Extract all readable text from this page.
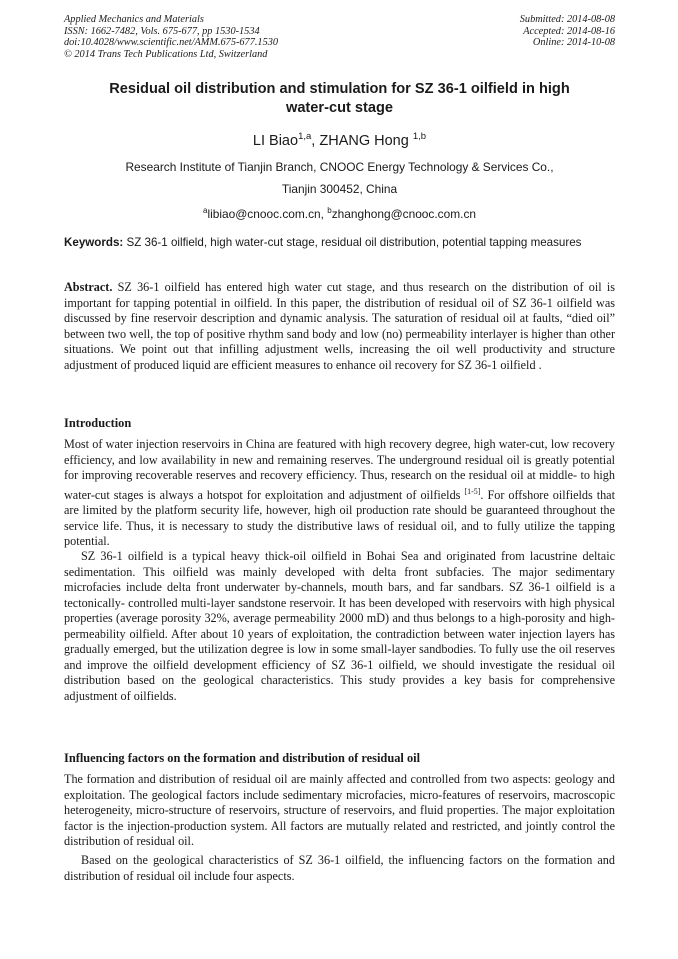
Applied Mechanics and Materials
ISSN: 1662-7482, Vols. 675-677, pp 1530-1534
doi:10.4028/www.scientific.net/AMM.675-677.1530
© 2014 Trans Tech Publications Ltd, Switzerland
Submitted: 2014-08-08
Accepted: 2014-08-16
Online: 2014-10-08
Residual oil distribution and stimulation for SZ 36-1 oilfield in high
water-cut stage
LI Biao$^{1,a}$, ZHANG Hong $^{1,b}$
Research Institute of Tianjin Branch, CNOOC Energy Technology & Services Co.,
Tianjin 300452, China
$^a$libiao@cnooc.com.cn, $^b$zhanghong@cnooc.com.cn
Keywords: SZ 36-1 oilfield, high water-cut stage, residual oil distribution, potential tapping measures
Abstract. SZ 36-1 oilfield has entered high water cut stage, and thus research on the distribution of oil is important for tapping potential in oilfield. In this paper, the distribution of residual oil of SZ 36-1 oilfield was discussed by fine reservoir description and dynamic analysis. The saturation of residual oil at faults, “died oil” between two well, the top of positive rhythm sand body and low (no) permeability interlayer is higher than other situations. We point out that infilling adjustment wells, increasing the oil well productivity and structure adjustment of produced liquid are efficient measures to enhance oil recovery for SZ 36-1 oilfield .
Introduction
Most of water injection reservoirs in China are featured with high recovery degree, high water-cut, low recovery efficiency, and low availability in new and remaining reserves. The underground residual oil is greatly potential for improving recoverable reserves and recovery efficiency. Thus, research on the residual oil at middle- to high water-cut stages is always a hotspot for exploitation and adjustment of oilfields [1-5]. For offshore oilfields that are limited by the platform security life, however, high oil production rate should be guaranteed throughout the service life. Thus, it is necessary to study the distributive laws of residual oil, and to fully utilize the tapping potential.
SZ 36-1 oilfield is a typical heavy thick-oil oilfield in Bohai Sea and originated from lacustrine deltaic sedimentation. This oilfield was mainly developed with delta front subfacies. The major sedimentary microfacies include delta front underwater by-channels, mouth bars, and far sandbars. SZ 36-1 oilfield is a tectonically- controlled multi-layer sandstone reservoir. It has been developed with reservoirs with high physical properties (average porosity 32%, average permeability 2000 mD) and thus belongs to a high-porosity and high-permeability oilfield. After about 10 years of exploitation, the contradiction between water injection layers has gradually emerged, but the utilization degree is low in some small-layer sandbodies. To fully use the oil reserves and improve the oilfield development efficiency of SZ 36-1 oilfield, we should investigate the residual oil distribution based on the geological characteristics. This study provides a key basis for comprehensive adjustment of oilfields.
Influencing factors on the formation and distribution of residual oil
The formation and distribution of residual oil are mainly affected and controlled from two aspects: geology and exploitation. The geological factors include sedimentary microfacies, micro-features of reservoirs, macroscopic heterogeneity, micro-structure of reservoirs, structure of reservoirs, and fluid properties. The major exploitation factor is the injection-production system. All factors are mutually related and restricted, and jointly control the distribution of residual oil.
Based on the geological characteristics of SZ 36-1 oilfield, the influencing factors on the formation and distribution of residual oil include four aspects.
